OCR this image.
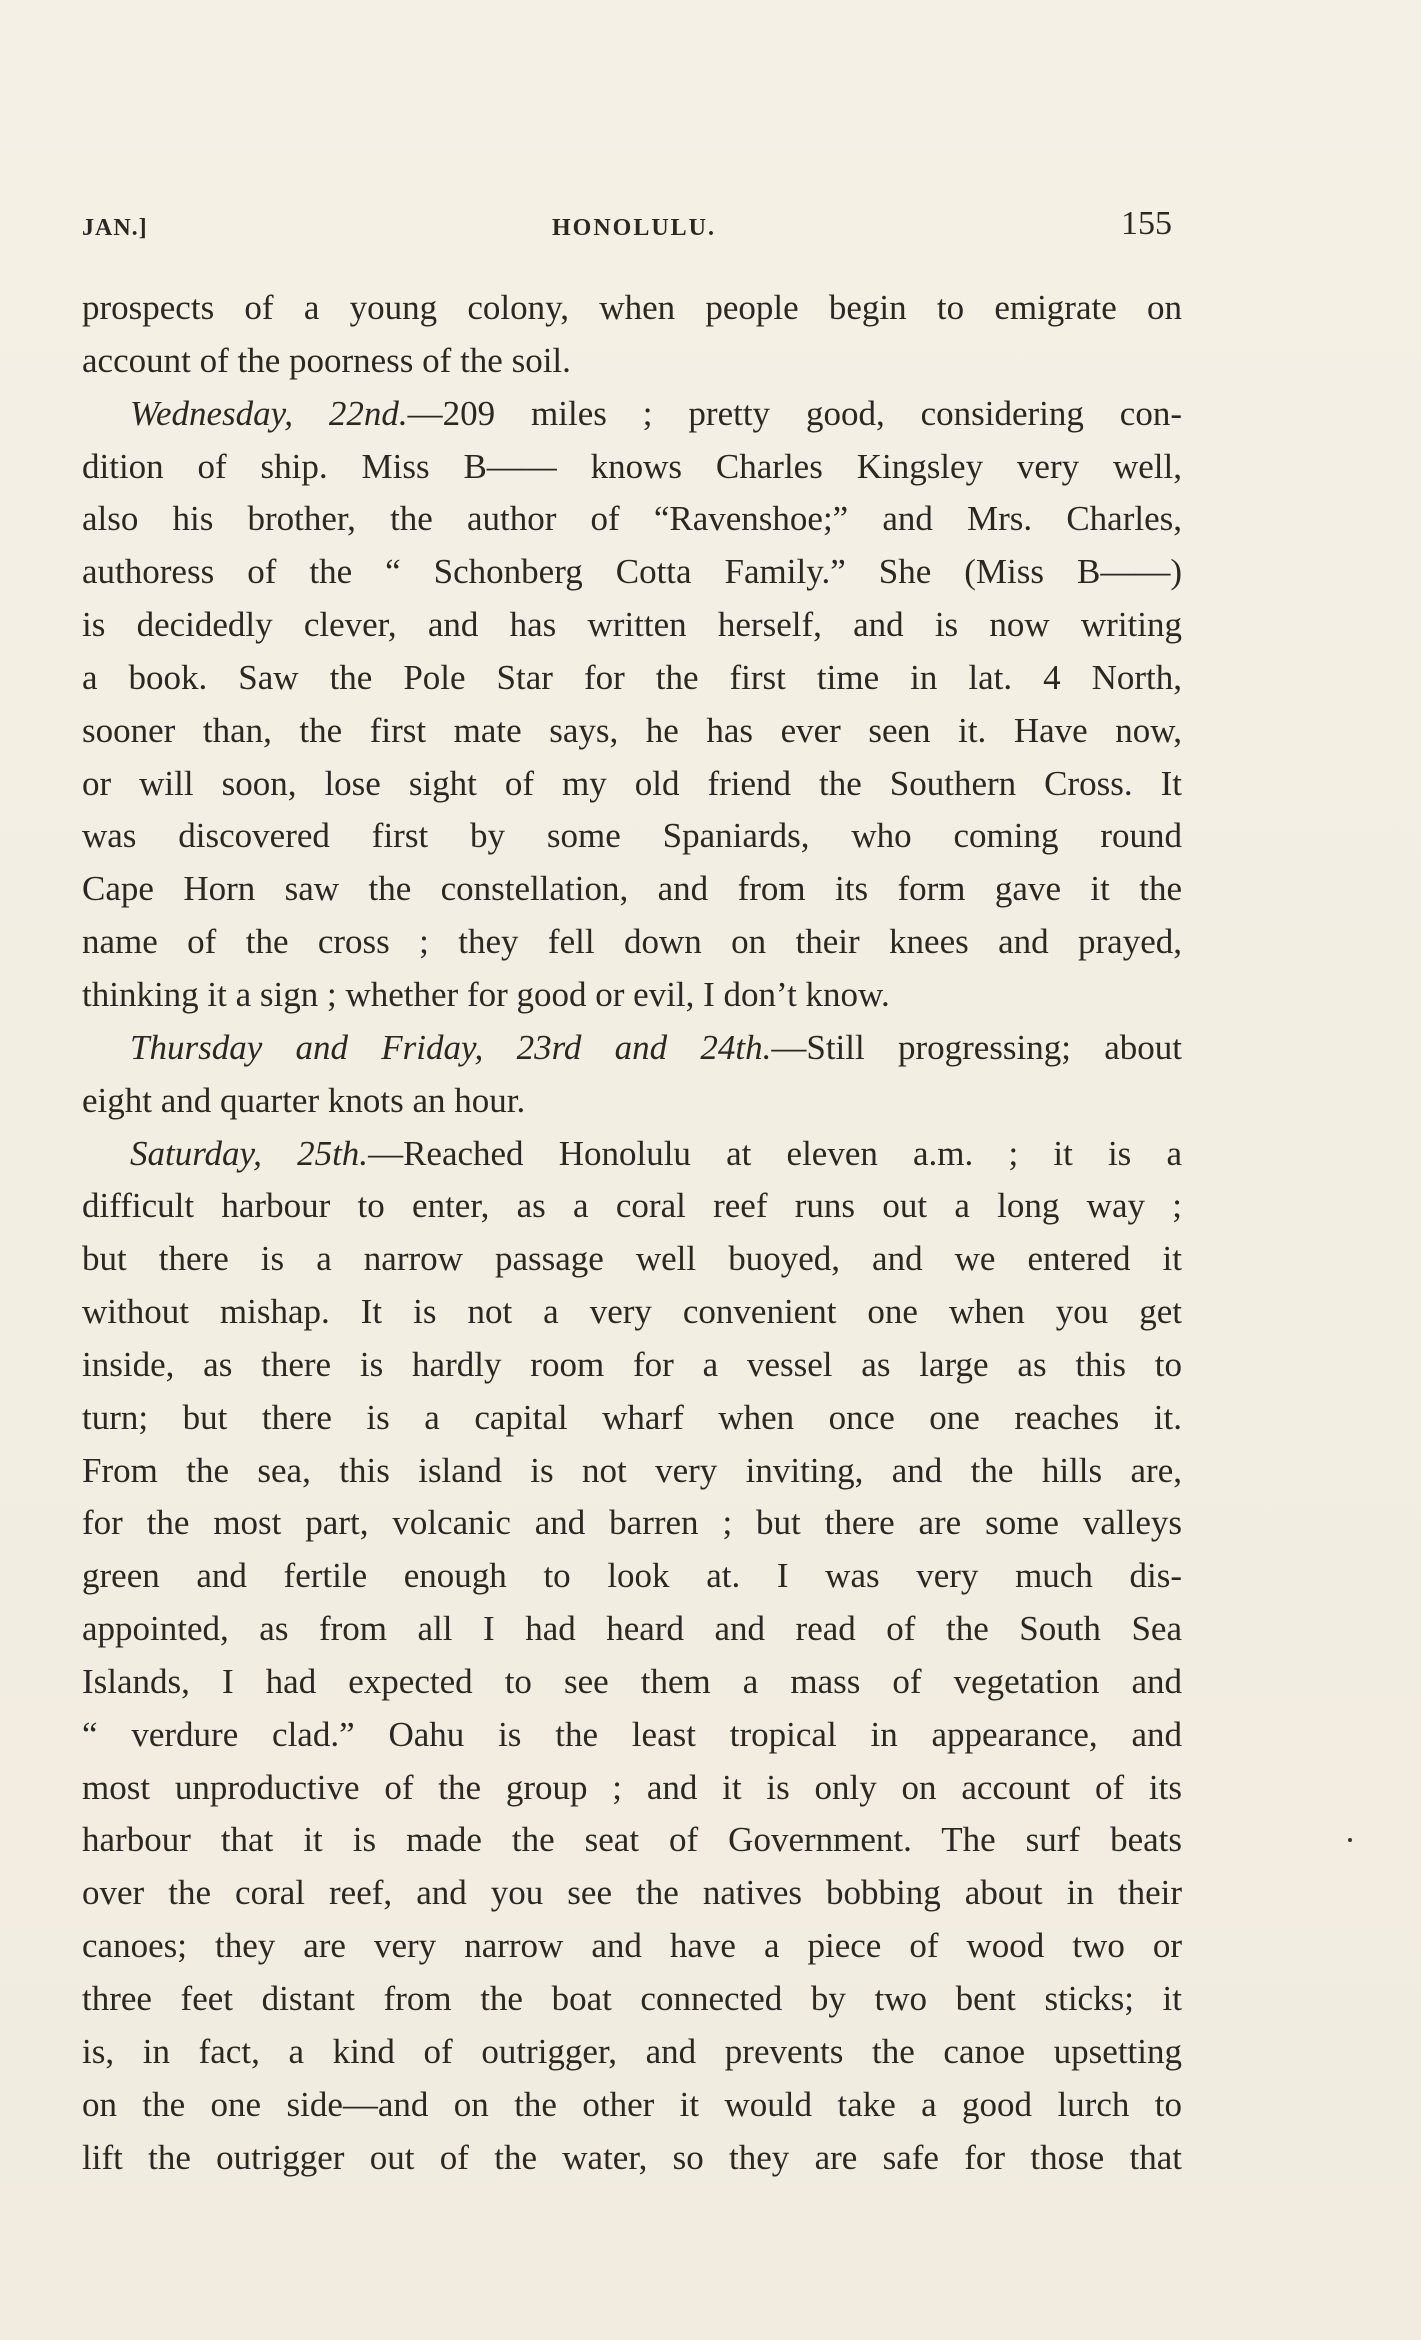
JAN.]	HONOLULU.	155
prospects of a young colony, when people begin to emigrate on
account of the poorness of the soil.
Wednesday, 22nd.—209 miles ; pretty good, considering con-
dition of ship. Miss B—— knows Charles Kingsley very well,
also his brother, the author of “Ravenshoe;” and Mrs. Charles,
authoress of the “ Schonberg Cotta Family.” She (Miss B——)
is decidedly clever, and has written herself, and is now writing
a book. Saw the Pole Star for the first time in lat. 4 North,
sooner than, the first mate says, he has ever seen it. Have now,
or will soon, lose sight of my old friend the Southern Cross. It
was discovered first by some Spaniards, who coming round
Cape Horn saw the constellation, and from its form gave it the
name of the cross ; they fell down on their knees and prayed,
thinking it a sign ; whether for good or evil, I don’t know.
Thursday and Friday, 23rd and 24th.—Still progressing; about
eight and quarter knots an hour.
Saturday, 25th.—Reached Honolulu at eleven a.m. ; it is a
difficult harbour to enter, as a coral reef runs out a long way ;
but there is a narrow passage well buoyed, and we entered it
without mishap. It is not a very convenient one when you get
inside, as there is hardly room for a vessel as large as this to
turn; but there is a capital wharf when once one reaches it.
From the sea, this island is not very inviting, and the hills are,
for the most part, volcanic and barren ; but there are some valleys
green and fertile enough to look at. I was very much dis-
appointed, as from all I had heard and read of the South Sea
Islands, I had expected to see them a mass of vegetation and
“ verdure clad.” Oahu is the least tropical in appearance, and
most unproductive of the group ; and it is only on account of its
harbour that it is made the seat of Government. The surf beats
over the coral reef, and you see the natives bobbing about in their
canoes; they are very narrow and have a piece of wood two or
three feet distant from the boat connected by two bent sticks; it
is, in fact, a kind of outrigger, and prevents the canoe upsetting
on the one side—and on the other it would take a good lurch to
lift the outrigger out of the water, so they are safe for those that
